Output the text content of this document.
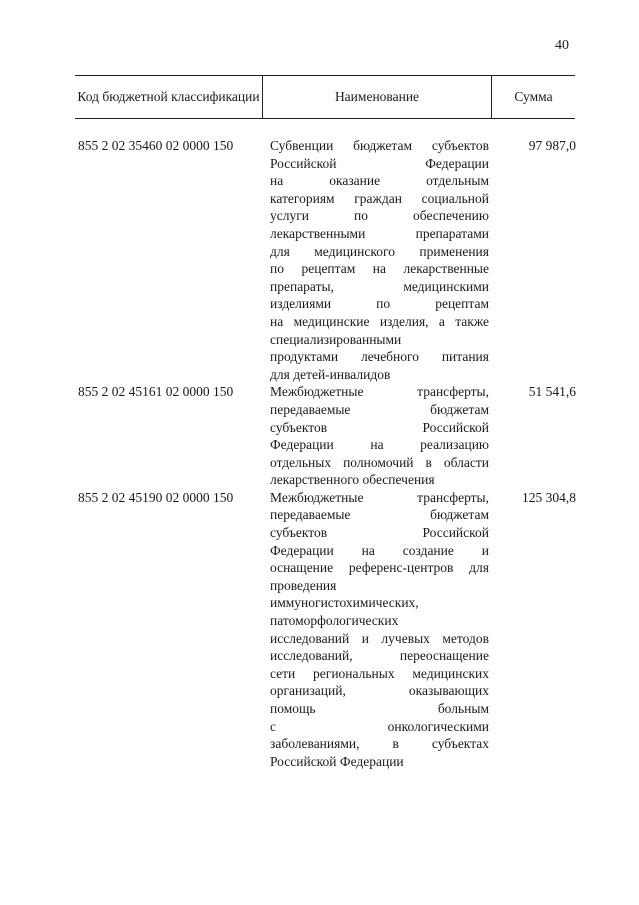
40
Код бюджетной классификации	Наименование	Сумма
855 2 02 35460 02 0000 150	Субвенции бюджетам субъектов
Российской Федерации
на оказание отдельным
категориям граждан социальной
услуги по обеспечению
лекарственными препаратами
для медицинского применения
по рецептам на лекарственные
препараты, медицинскими
изделиями по рецептам
на медицинские изделия, а также
специализированными
продуктами лечебного питания
для детей-инвалидов
97 987,0
855 2 02 45161 02 0000 150	Межбюджетные трансферты,
передаваемые бюджетам
субъектов Российской
Федерации на реализацию
отдельных полномочий в области
лекарственного обеспечения
51 541,6
855 2 02 45190 02 0000 150	Межбюджетные трансферты,
передаваемые бюджетам
субъектов Российской
Федерации на создание и
оснащение референс-центров для
проведения
иммуногистохимических,
патоморфологических
исследований и лучевых методов
исследований, переоснащение
сети региональных медицинских
организаций, оказывающих
помощь больным
с онкологическими
заболеваниями, в субъектах
Российской Федерации
125 304,8
